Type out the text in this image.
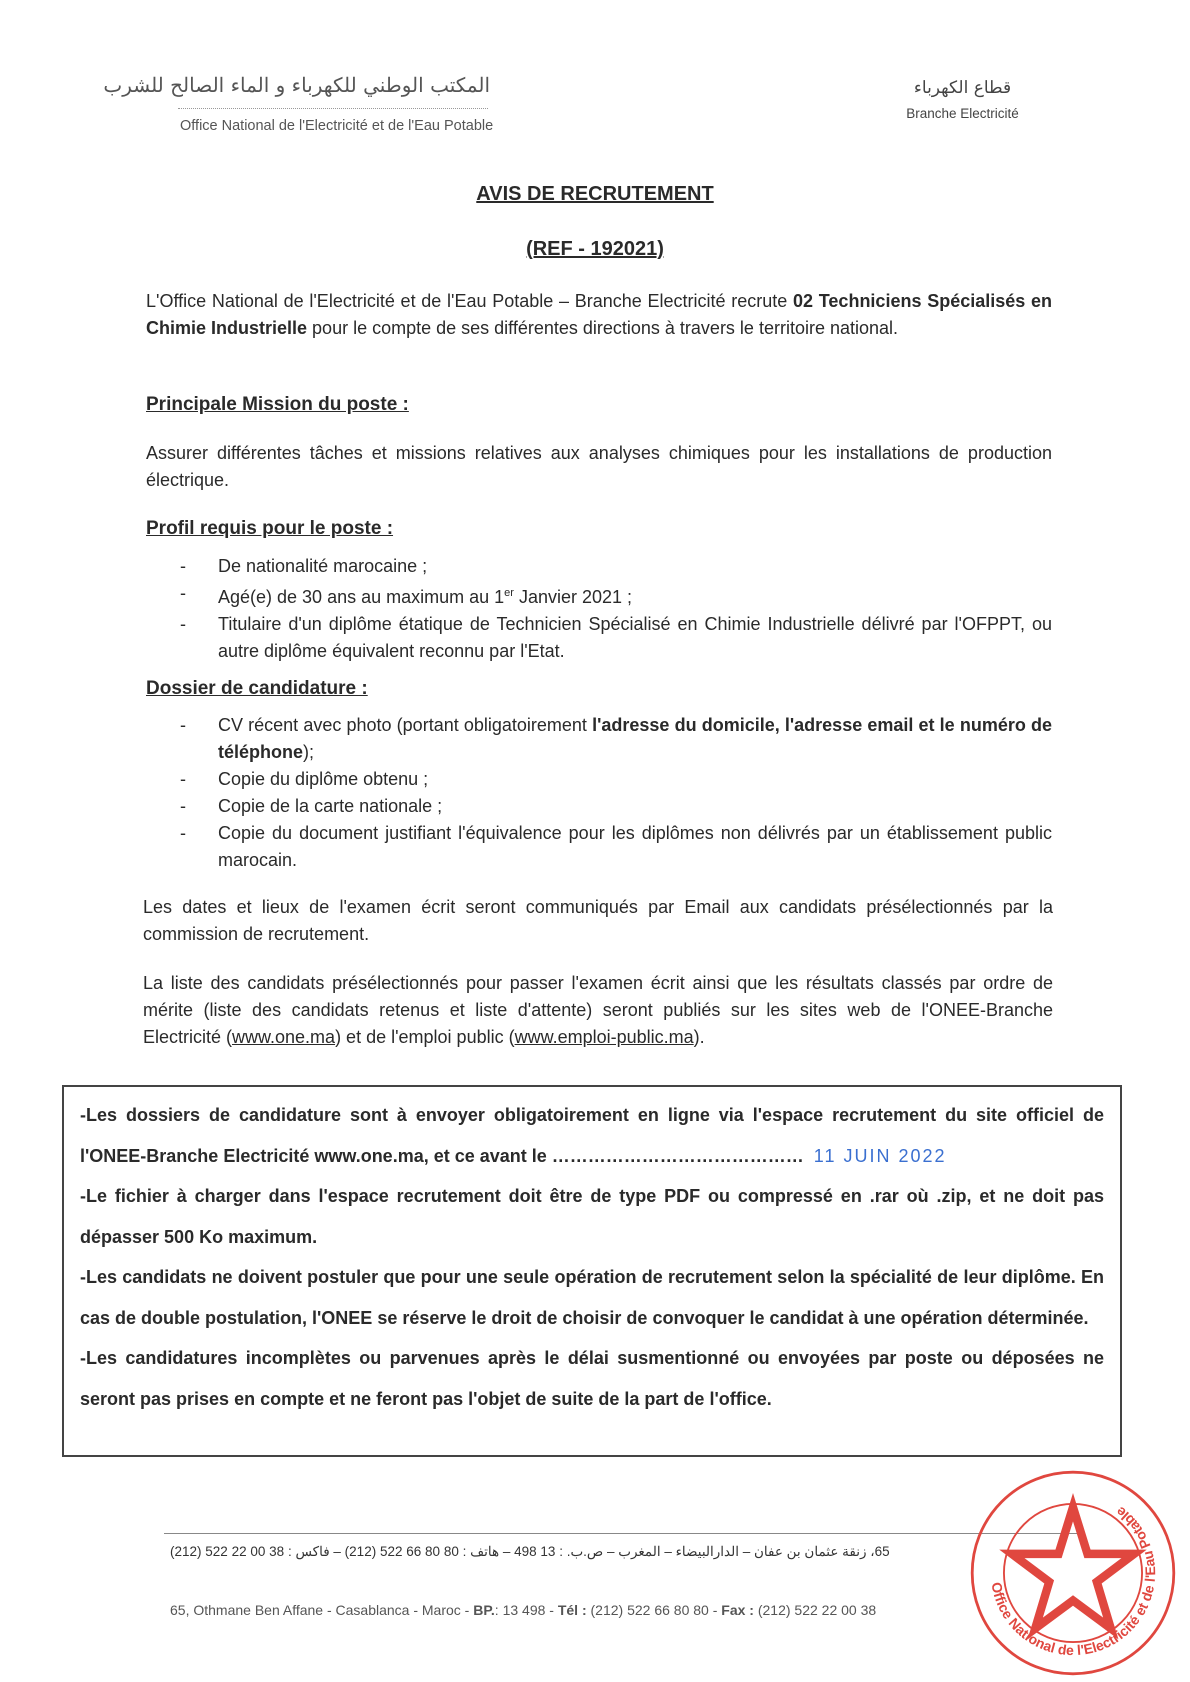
المكتب الوطني للكهرباء و الماء الصالح للشرب
Office National de l'Electricité et de l'Eau Potable
قطاع الكهرباء
Branche Electricité
AVIS DE RECRUTEMENT
(REF - 192021)

L'Office National de l'Electricité et de l'Eau Potable – Branche Electricité recrute 02 Techniciens Spécialisés en Chimie Industrielle pour le compte de ses différentes directions à travers le territoire national.

Principale Mission du poste :

Assurer différentes tâches et missions relatives aux analyses chimiques pour les installations de production électrique.

Profil requis pour le poste :
- De nationalité marocaine ;
- Agé(e) de 30 ans au maximum au 1er Janvier 2021 ;
- Titulaire d'un diplôme étatique de Technicien Spécialisé en Chimie Industrielle délivré par l'OFPPT, ou autre diplôme équivalent reconnu par l'Etat.
Dossier de candidature :
- CV récent avec photo (portant obligatoirement l'adresse du domicile, l'adresse email et le numéro de téléphone);
- Copie du diplôme obtenu ;
- Copie de la carte nationale ;
- Copie du document justifiant l'équivalence pour les diplômes non délivrés par un établissement public marocain.

Les dates et lieux de l'examen écrit seront communiqués par Email aux candidats présélectionnés par la commission de recrutement.

La liste des candidats présélectionnés pour passer l'examen écrit ainsi que les résultats classés par ordre de mérite (liste des candidats retenus et liste d'attente) seront publiés sur les sites web de l'ONEE-Branche Electricité (www.one.ma) et de l'emploi public (www.emploi-public.ma).

-Les dossiers de candidature sont à envoyer obligatoirement en ligne via l'espace recrutement du site officiel de l'ONEE-Branche Electricité www.one.ma, et ce avant le …………………………………… 11 JUIN 2022

-Le fichier à charger dans l'espace recrutement doit être de type PDF ou compressé en .rar où .zip, et ne doit pas dépasser 500 Ko maximum.

-Les candidats ne doivent postuler que pour une seule opération de recrutement selon la spécialité de leur diplôme. En cas de double postulation, l'ONEE se réserve le droit de choisir de convoquer le candidat à une opération déterminée.

-Les candidatures incomplètes ou parvenues après le délai susmentionné ou envoyées par poste ou déposées ne seront pas prises en compte et ne feront pas l'objet de suite de la part de l'office.

65، زنقة عثمان بن عفان – الدارالبيضاء – المغرب – ص.ب. : 13 498 – هاتف : 80 80 66 522 (212) – فاكس : 38 00 22 522 (212)
65, Othmane Ben Affane - Casablanca - Maroc - BP.: 13 498 - Tél : (212) 522 66 80 80 - Fax : (212) 522 22 00 38
Office National de l'Electricité et de l'Eau Potable
